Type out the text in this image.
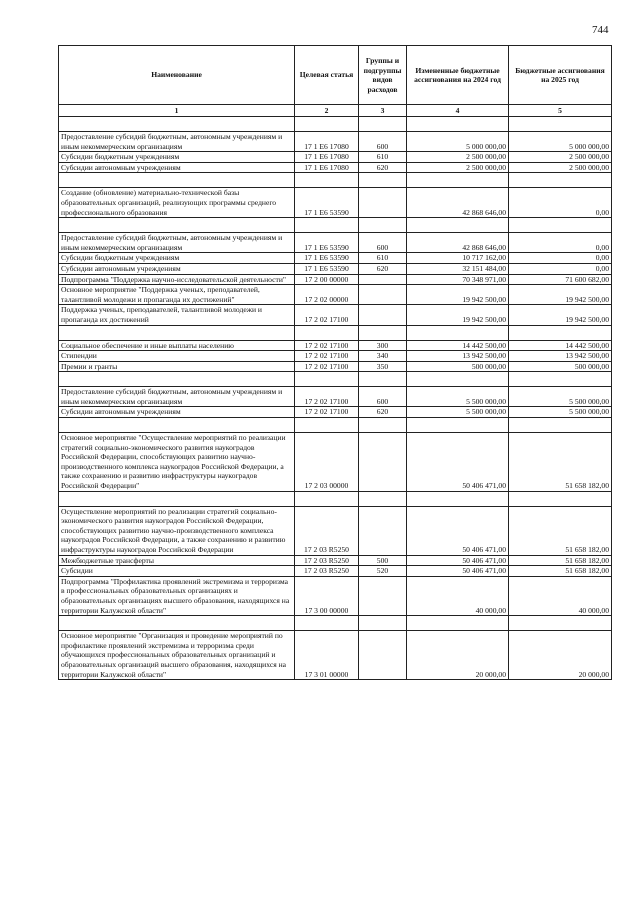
744
Наименование	Целевая статья	Группы и подгруппы видов расходов	Измененные бюджетные ассигнования на 2024 год	Бюджетные ассигнования на 2025 год
1	2	3	4	5

Предоставление субсидий бюджетным, автономным учреждениям и иным некоммерческим организациям	17 1 E6 17080	600	5 000 000,00	5 000 000,00
Субсидии бюджетным учреждениям	17 1 E6 17080	610	2 500 000,00	2 500 000,00
Субсидии автономным учреждениям	17 1 E6 17080	620	2 500 000,00	2 500 000,00

Создание (обновление) материально-технической базы образовательных организаций, реализующих программы среднего профессионального образования	17 1 E6 53590		42 868 646,00	0,00

Предоставление субсидий бюджетным, автономным учреждениям и иным некоммерческим организациям	17 1 E6 53590	600	42 868 646,00	0,00
Субсидии бюджетным учреждениям	17 1 E6 53590	610	10 717 162,00	0,00
Субсидии автономным учреждениям	17 1 E6 53590	620	32 151 484,00	0,00
Подпрограмма "Поддержка научно-исследовательской деятельности"	17 2 00 00000		70 348 971,00	71 600 682,00
Основное мероприятие "Поддержка ученых, преподавателей, талантливой молодежи и пропаганда их достижений"	17 2 02 00000		19 942 500,00	19 942 500,00
Поддержка ученых, преподавателей, талантливой молодежи и пропаганда их достижений	17 2 02 17100		19 942 500,00	19 942 500,00

Социальное обеспечение и иные выплаты населению	17 2 02 17100	300	14 442 500,00	14 442 500,00
Стипендии	17 2 02 17100	340	13 942 500,00	13 942 500,00
Премии и гранты	17 2 02 17100	350	500 000,00	500 000,00

Предоставление субсидий бюджетным, автономным учреждениям и иным некоммерческим организациям	17 2 02 17100	600	5 500 000,00	5 500 000,00
Субсидии автономным учреждениям	17 2 02 17100	620	5 500 000,00	5 500 000,00

Основное мероприятие "Осуществление мероприятий по реализации стратегий социально-экономического развития наукоградов Российской Федерации, способствующих развитию научно-производственного комплекса наукоградов Российской Федерации, а также сохранению и развитию инфраструктуры наукоградов Российской Федерации"	17 2 03 00000		50 406 471,00	51 658 182,00

Осуществление мероприятий по реализации стратегий социально-экономического развития наукоградов Российской Федерации, способствующих развитию научно-производственного комплекса наукоградов Российской Федерации, а также сохранению и развитию инфраструктуры наукоградов Российской Федерации	17 2 03 R5250		50 406 471,00	51 658 182,00
Межбюджетные трансферты	17 2 03 R5250	500	50 406 471,00	51 658 182,00
Субсидии	17 2 03 R5250	520	50 406 471,00	51 658 182,00
Подпрограмма "Профилактика проявлений экстремизма и терроризма в профессиональных образовательных организациях и образовательных организациях высшего образования, находящихся на территории Калужской области"	17 3 00 00000		40 000,00	40 000,00

Основное мероприятие "Организация и проведение мероприятий по профилактике проявлений экстремизма и терроризма среди обучающихся профессиональных образовательных организаций и образовательных организаций высшего образования, находящихся на территории Калужской области"	17 3 01 00000		20 000,00	20 000,00
